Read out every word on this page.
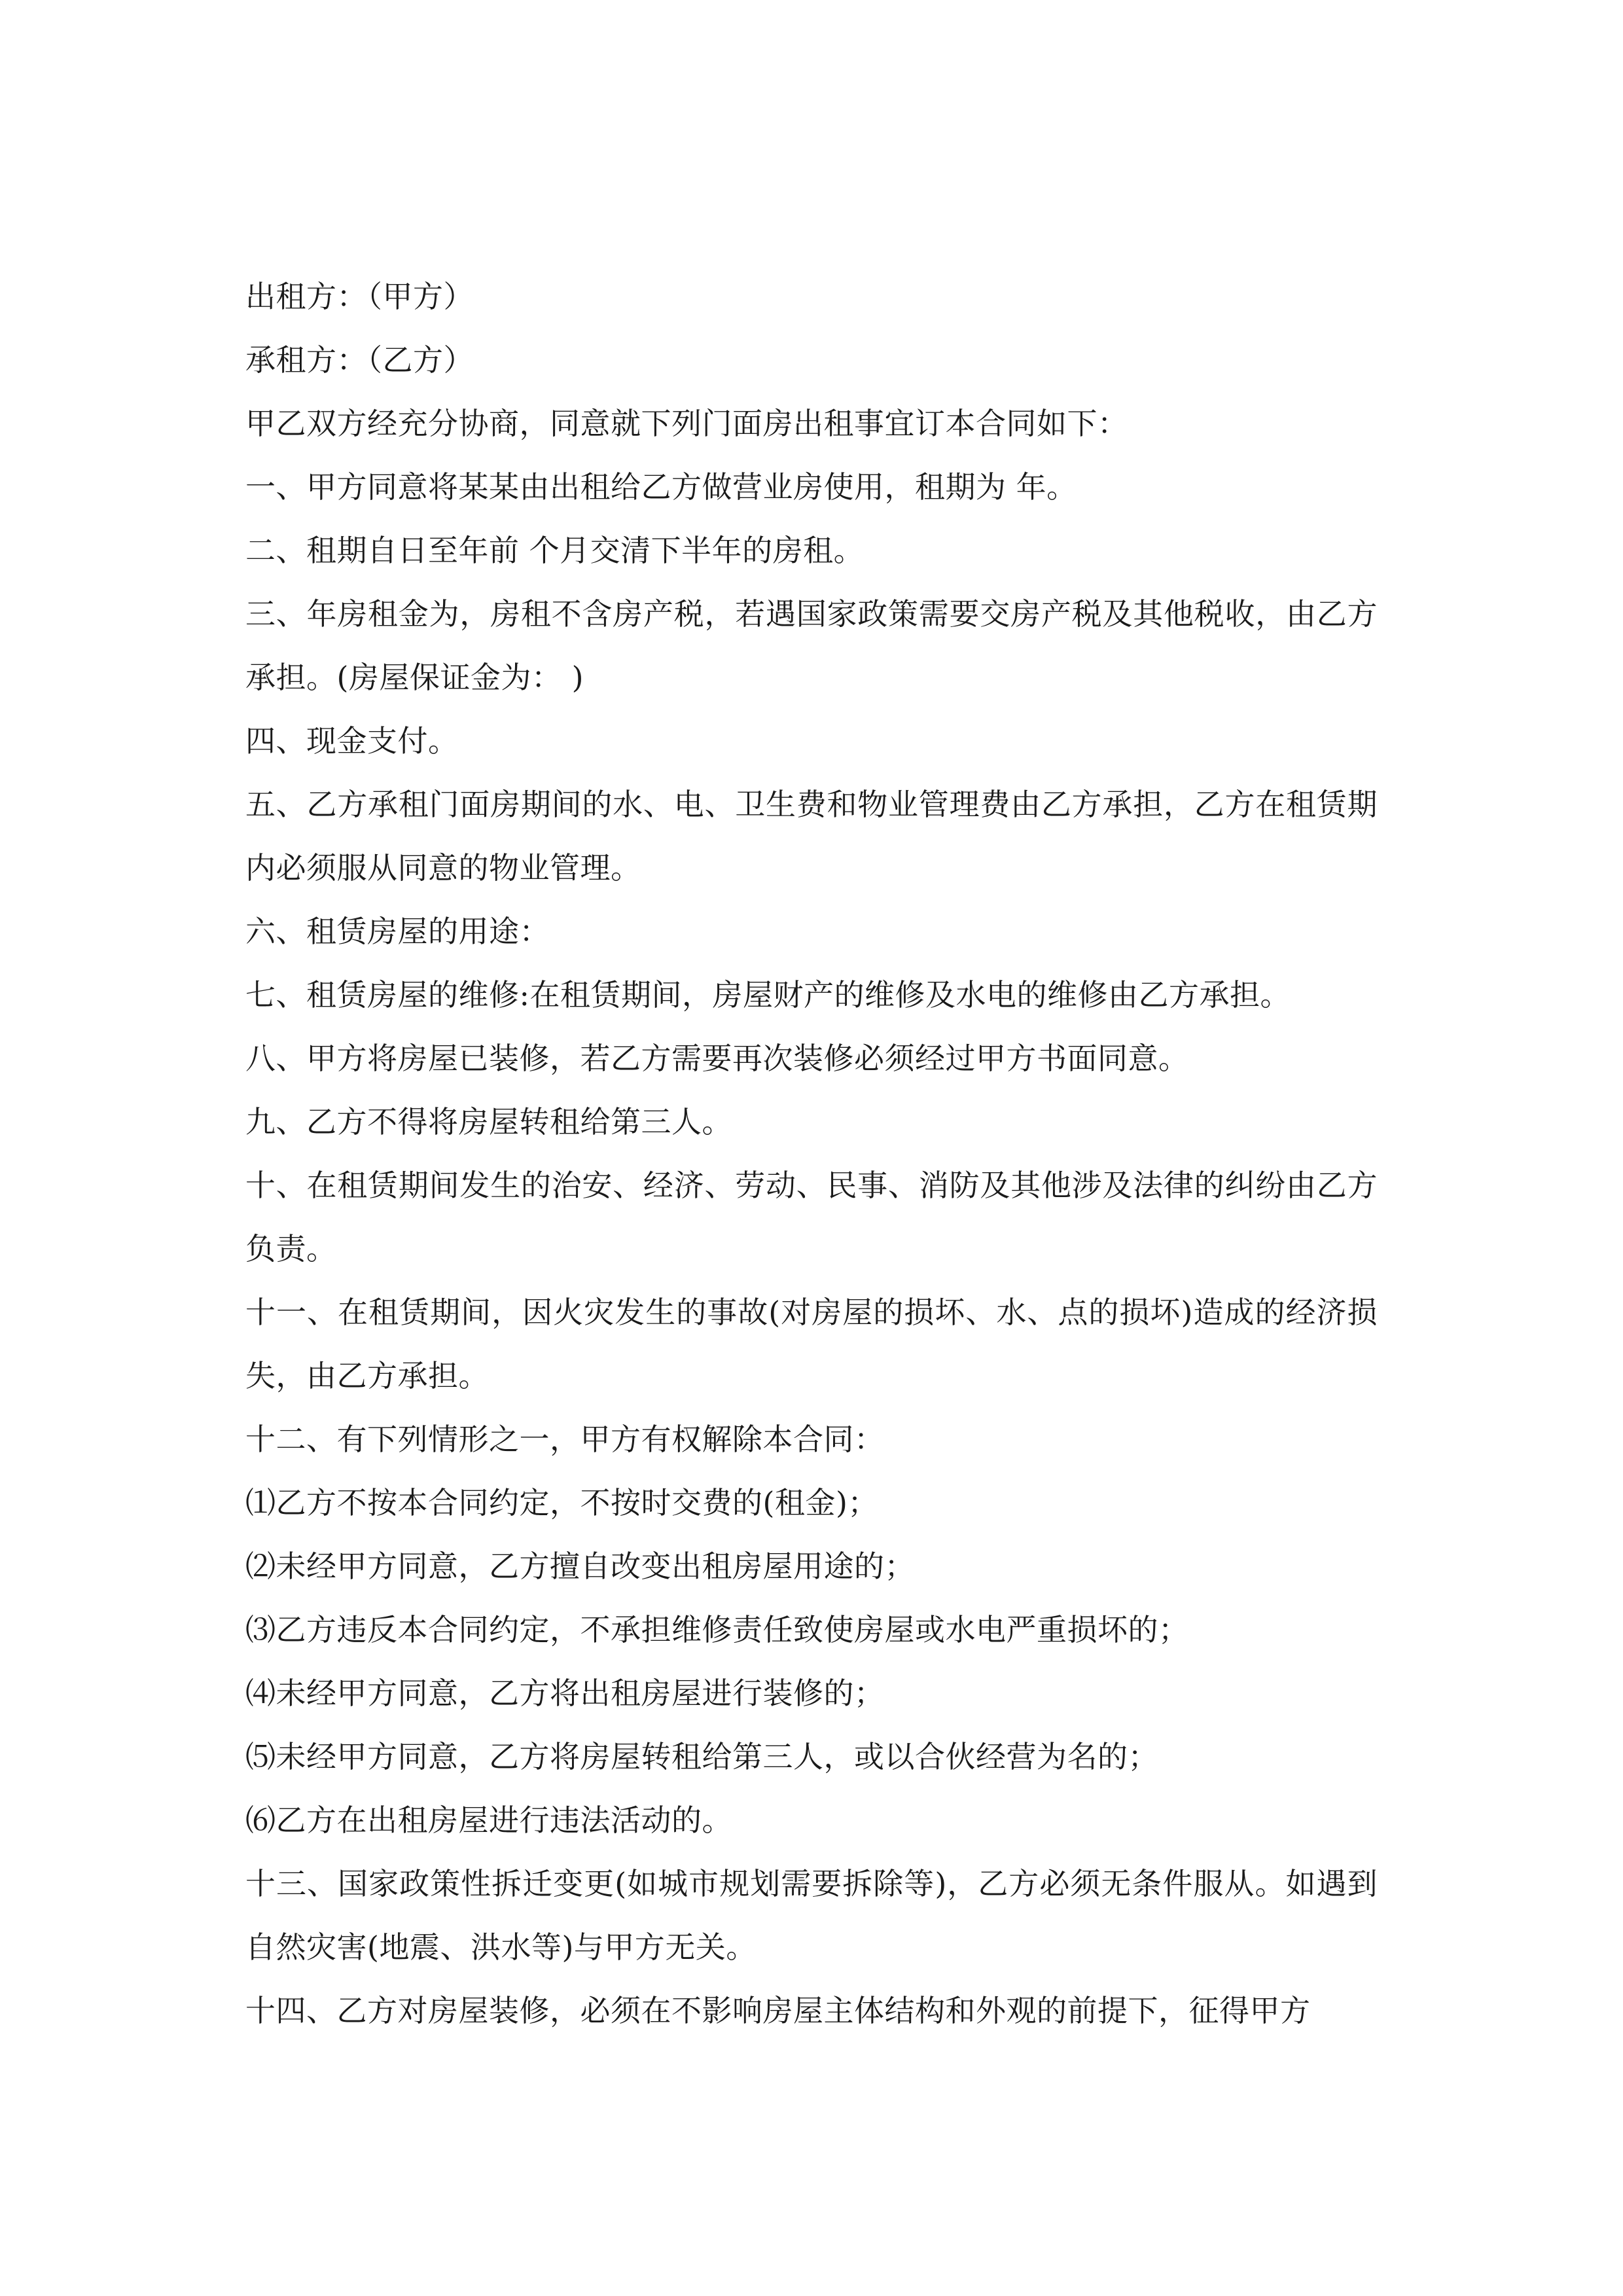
出租方：（甲方）

承租方：（乙方）

甲乙双方经充分协商，同意就下列门面房出租事宜订本合同如下：

一、甲方同意将某某由出租给乙方做营业房使用，租期为 年。

二、租期自日至年前 个月交清下半年的房租。

三、年房租金为，房租不含房产税，若遇国家政策需要交房产税及其他税收，由乙方承担。(房屋保证金为： )

四、现金支付。

五、乙方承租门面房期间的水、电、卫生费和物业管理费由乙方承担，乙方在租赁期内必须服从同意的物业管理。

六、租赁房屋的用途：

七、租赁房屋的维修:在租赁期间，房屋财产的维修及水电的维修由乙方承担。

八、甲方将房屋已装修，若乙方需要再次装修必须经过甲方书面同意。

九、乙方不得将房屋转租给第三人。

十、在租赁期间发生的治安、经济、劳动、民事、消防及其他涉及法律的纠纷由乙方负责。

十一、在租赁期间，因火灾发生的事故(对房屋的损坏、水、点的损坏)造成的经济损失，由乙方承担。

十二、有下列情形之一，甲方有权解除本合同：

⑴乙方不按本合同约定，不按时交费的(租金)；

⑵未经甲方同意，乙方擅自改变出租房屋用途的；

⑶乙方违反本合同约定，不承担维修责任致使房屋或水电严重损坏的；

⑷未经甲方同意，乙方将出租房屋进行装修的；

⑸未经甲方同意，乙方将房屋转租给第三人，或以合伙经营为名的；

⑹乙方在出租房屋进行违法活动的。

十三、国家政策性拆迁变更(如城市规划需要拆除等)，乙方必须无条件服从。如遇到自然灾害(地震、洪水等)与甲方无关。

十四、乙方对房屋装修，必须在不影响房屋主体结构和外观的前提下，征得甲方
